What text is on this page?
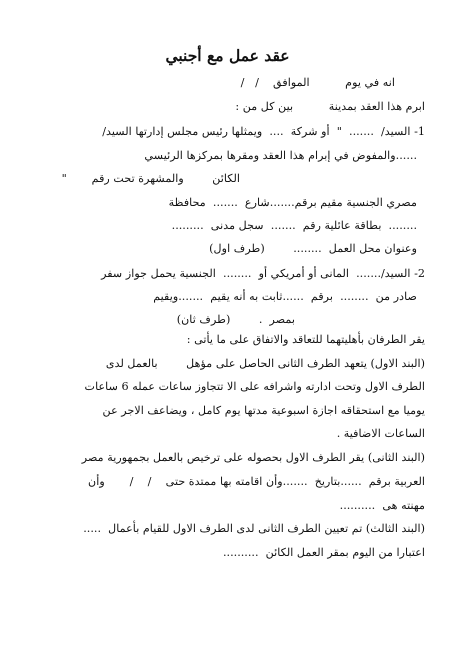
عقد عمل مع أجنبي
انه في يوم          الموافق    /   /
ابرم هذا العقد بمدينة          بين كل من :
1- السيد/  .......  "  أو شركة  ....  ويمثلها رئيس مجلس إدارتها السيد/
......والمفوض في إبرام هذا العقد ومقرها بمركزها الرئيسي
الكائن        والمشهرة تحت رقم       "
مصري الجنسية مقيم برقم.......شارع  .......  محافظة
........  بطاقة عائلية رقم  .......  سجل مدنى  .........
وعنوان محل العمل  ........        (طرف اول)
2- السيد/.......  المانى أو أمريكي أو  ........  الجنسية يحمل جواز سفر
صادر من  ........  برقم  ......ثابت به أنه يقيم  .......ويقيم
بمصر  .        (طرف ثان)
يقر الطرفان بأهليتهما للتعاقد والاتفاق على ما يأتى :
(البند الاول) يتعهد الطرف الثانى الحاصل على مؤهل        بالعمل لدى
الطرف الاول وتحت ادارته واشرافه على الا تتجاوز ساعات عمله 6 ساعات
يوميا مع استحقاقه اجازة اسبوعية مدتها يوم كامل ، ويضاعف الاجر عن
الساعات الاضافية .
(البند الثانى) يقر الطرف الاول بحصوله على ترخيص بالعمل بجمهورية مصر
العربية برقم  ......بتاريخ  .......وأن اقامته بها ممتدة حتى    /    /       وأن
مهنته هى  ..........
(البند الثالث) تم تعيين الطرف الثانى لدى الطرف الاول للقيام بأعمال  .....
اعتبارا من اليوم بمقر العمل الكائن  ..........
